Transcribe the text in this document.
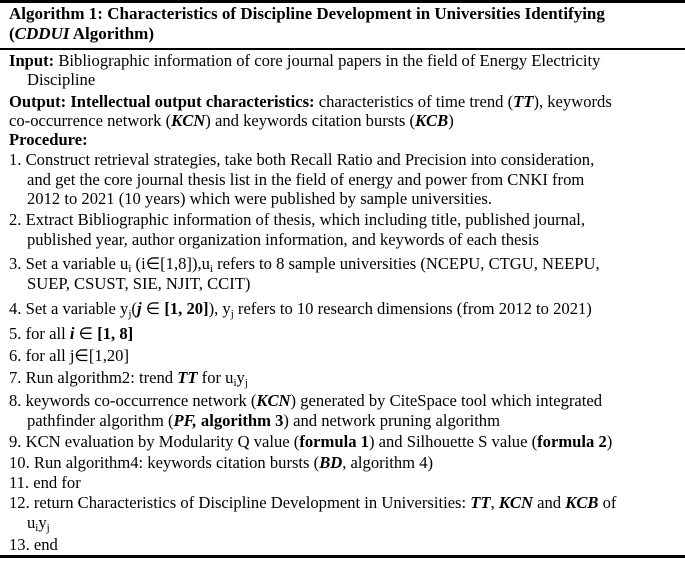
Algorithm 1: Characteristics of Discipline Development in Universities Identifying
(CDDUI Algorithm)
Input: Bibliographic information of core journal papers in the field of Energy Electricity
Discipline
Output: Intellectual output characteristics: characteristics of time trend (TT), keywords
co-occurrence network (KCN) and keywords citation bursts (KCB)
Procedure:
1. Construct retrieval strategies, take both Recall Ratio and Precision into consideration,
and get the core journal thesis list in the field of energy and power from CNKI from
2012 to 2021 (10 years) which were published by sample universities.
2. Extract Bibliographic information of thesis, which including title, published journal,
published year, author organization information, and keywords of each thesis
3. Set a variable $u_i$ $(i\in[1,8]),u_i$ refers to 8 sample universities (NCEPU, CTGU, NEEPU,
SUEP, CSUST, SIE, NJIT, CCIT)
4. Set a variable $y_j(j$ ∈ [1, 20]), $y_j$ refers to 10 research dimensions (from 2012 to 2021)
5. for all i ∈ [1, 8]
6. for all j∈[1,20]
7. Run algorithm2: trend TT for $u_iy_j$
8. keywords co-occurrence network (KCN) generated by CiteSpace tool which integrated
pathfinder algorithm (PF, algorithm 3) and network pruning algorithm
9. KCN evaluation by Modularity Q value (formula 1) and Silhouette S value (formula 2)
10. Run algorithm4: keywords citation bursts (BD, algorithm 4)
11. end for
12. return Characteristics of Discipline Development in Universities: TT, KCN and KCB of
$u_iy_j$
13. end
